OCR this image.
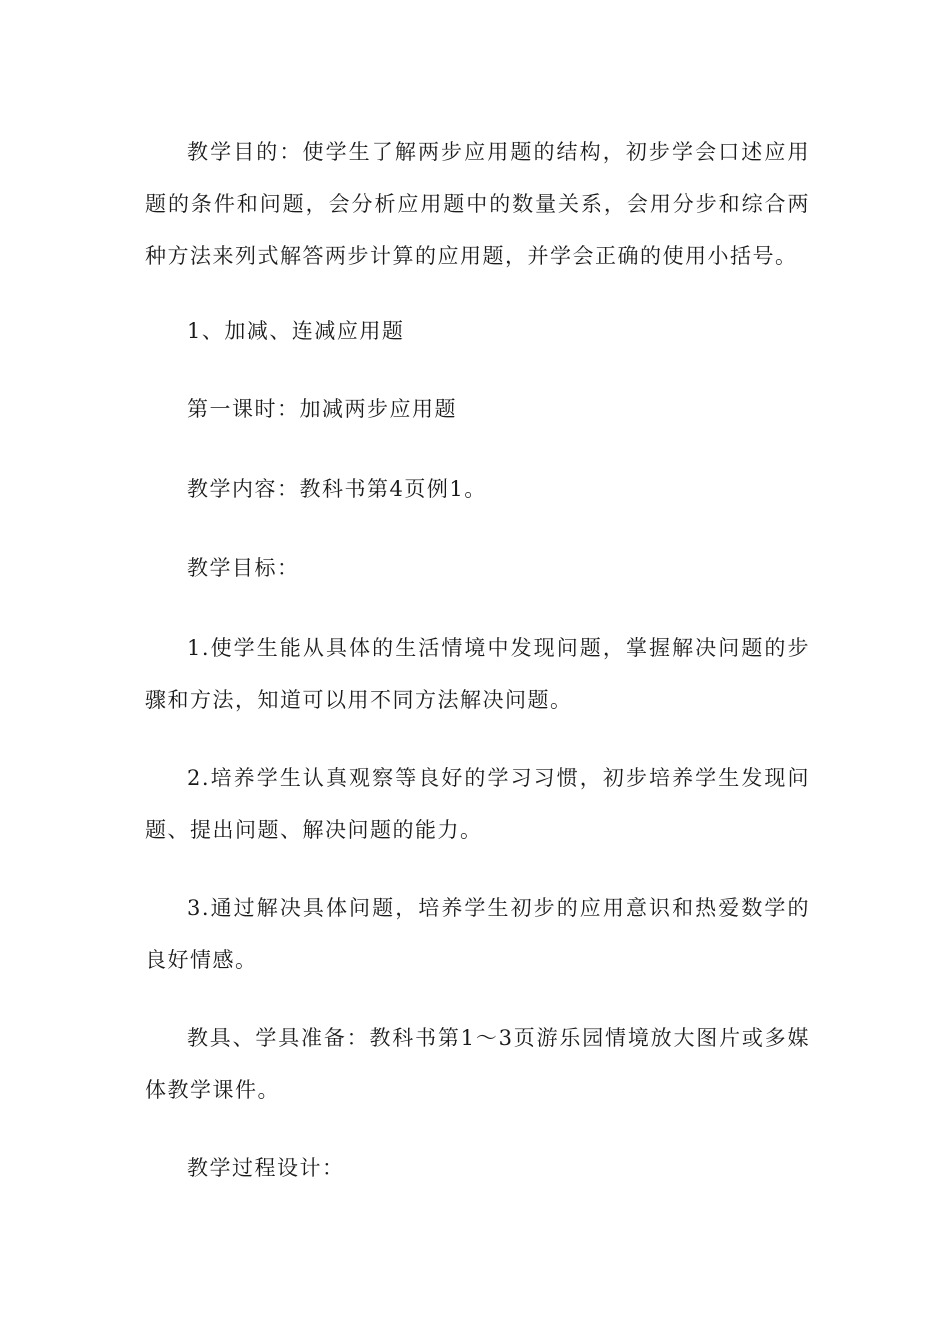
教学目的：使学生了解两步应用题的结构，初步学会口述应用题的条件和问题，会分析应用题中的数量关系，会用分步和综合两种方法来列式解答两步计算的应用题，并学会正确的使用小括号。

1、加减、连减应用题

第一课时：加减两步应用题

教学内容：教科书第4页例1。

教学目标：

1.使学生能从具体的生活情境中发现问题，掌握解决问题的步骤和方法，知道可以用不同方法解决问题。

2.培养学生认真观察等良好的学习习惯，初步培养学生发现问题、提出问题、解决问题的能力。

3.通过解决具体问题，培养学生初步的应用意识和热爱数学的良好情感。

教具、学具准备：教科书第1～3页游乐园情境放大图片或多媒体教学课件。

教学过程设计：
